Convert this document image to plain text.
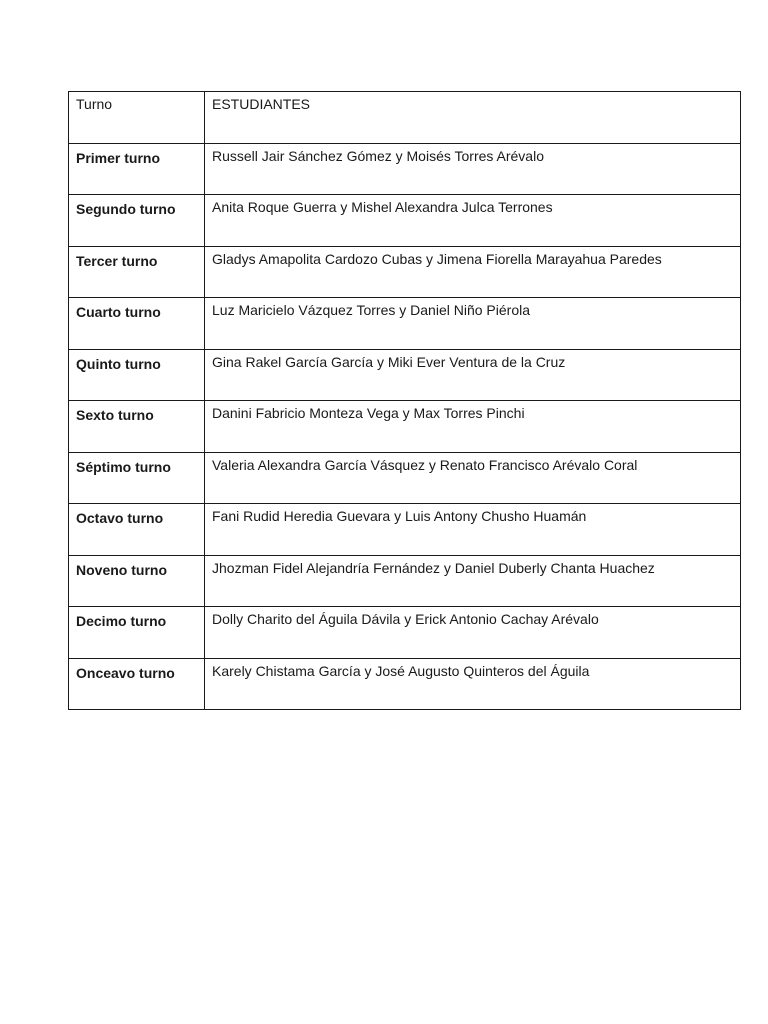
Turno	ESTUDIANTES
Primer turno	Russell Jair Sánchez Gómez y Moisés Torres Arévalo
Segundo turno	Anita Roque Guerra y Mishel Alexandra Julca Terrones
Tercer turno	Gladys Amapolita Cardozo Cubas y Jimena Fiorella Marayahua Paredes
Cuarto turno	Luz Maricielo Vázquez Torres y Daniel Niño Piérola
Quinto turno	Gina Rakel García García y Miki Ever Ventura de la Cruz
Sexto turno	Danini Fabricio Monteza Vega y Max Torres Pinchi
Séptimo turno	Valeria Alexandra García Vásquez y Renato Francisco Arévalo Coral
Octavo turno	Fani Rudid Heredia Guevara y Luis Antony Chusho Huamán
Noveno turno	Jhozman Fidel Alejandría Fernández y Daniel Duberly Chanta Huachez
Decimo turno	Dolly Charito del Águila Dávila y Erick Antonio Cachay Arévalo
Onceavo turno	Karely Chistama García y José Augusto Quinteros del Águila
